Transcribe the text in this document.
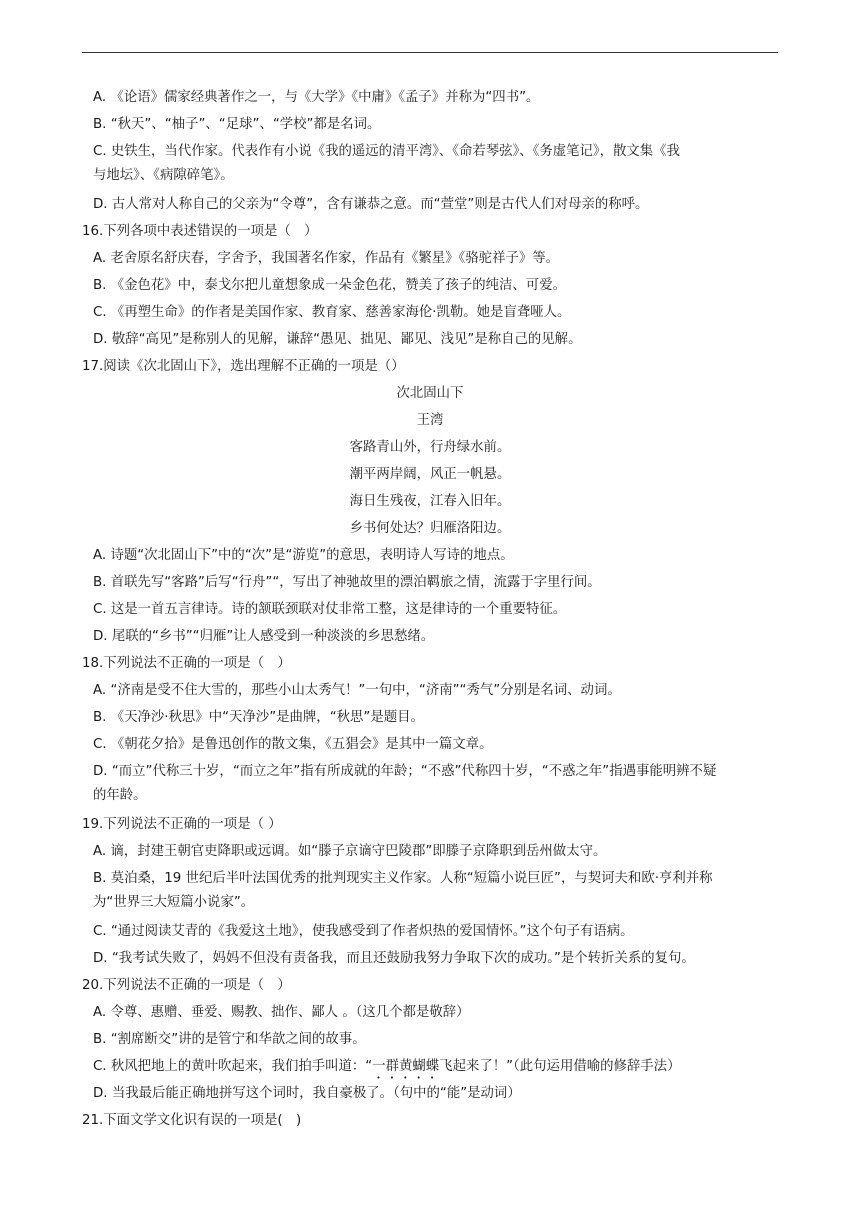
A. 《论语》儒家经典著作之一，与《大学》《中庸》《孟子》并称为“四书”。
B. “秋天”、“柚子”、“足球”、“学校”都是名词。
C. 史铁生，当代作家。代表作有小说《我的遥远的清平湾》、《命若琴弦》、《务虚笔记》，散文集《我
与地坛》、《病隙碎笔》。
D. 古人常对人称自己的父亲为“令尊”，含有谦恭之意。而“萱堂”则是古代人们对母亲的称呼。
16.下列各项中表述错误的一项是（　）
A. 老舍原名舒庆春，字舍予，我国著名作家，作品有《繁星》《骆驼祥子》等。
B. 《金色花》中，泰戈尔把儿童想象成一朵金色花，赞美了孩子的纯洁、可爱。
C. 《再塑生命》的作者是美国作家、教育家、慈善家海伦·凯勒。她是盲聋哑人。
D. 敬辞“高见”是称别人的见解，谦辞“愚见、拙见、鄙见、浅见”是称自己的见解。
17.阅读《次北固山下》，选出理解不正确的一项是（）
次北固山下
王湾
客路青山外，行舟绿水前。
潮平两岸阔，风正一帆悬。
海日生残夜，江春入旧年。
乡书何处达？归雁洛阳边。
A. 诗题“次北固山下”中的“次”是“游览”的意思，表明诗人写诗的地点。
B. 首联先写“客路”后写“行舟”“，写出了神驰故里的漂泊羁旅之情，流露于字里行间。
C. 这是一首五言律诗。诗的颔联颈联对仗非常工整，这是律诗的一个重要特征。
D. 尾联的“乡书”“归雁”让人感受到一种淡淡的乡思愁绪。
18.下列说法不正确的一项是（　）
A. “济南是受不住大雪的，那些小山太秀气！”一句中，“济南”“秀气”分别是名词、动词。
B. 《天净沙·秋思》中“天净沙”是曲牌，“秋思”是题目。
C. 《朝花夕拾》是鲁迅创作的散文集，《五猖会》是其中一篇文章。
D. “而立”代称三十岁，“而立之年”指有所成就的年龄；“不惑”代称四十岁，“不惑之年”指遇事能明辨不疑
的年龄。
19.下列说法不正确的一项是（ ）
A. 谪，封建王朝官吏降职或远调。如“滕子京谪守巴陵郡”即滕子京降职到岳州做太守。
B. 莫泊桑，19 世纪后半叶法国优秀的批判现实主义作家。人称“短篇小说巨匠”，与契诃夫和欧·亨利并称
为“世界三大短篇小说家”。
C. “通过阅读艾青的《我爱这土地》，使我感受到了作者炽热的爱国情怀。”这个句子有语病。
D. “我考试失败了，妈妈不但没有责备我，而且还鼓励我努力争取下次的成功。”是个转折关系的复句。
20.下列说法不正确的一项是（　）
A. 令尊、惠赠、垂爱、赐教、拙作、鄙人 。（这几个都是敬辞）
B. “割席断交”讲的是管宁和华歆之间的故事。
C. 秋风把地上的黄叶吹起来，我们拍手叫道：“一群黄蝴蝶飞起来了！”（此句运用借喻的修辞手法）
D. 当我最后能正确地拼写这个词时，我自豪极了。（句中的“能”是动词）
21.下面文学文化识有误的一项是(　)
